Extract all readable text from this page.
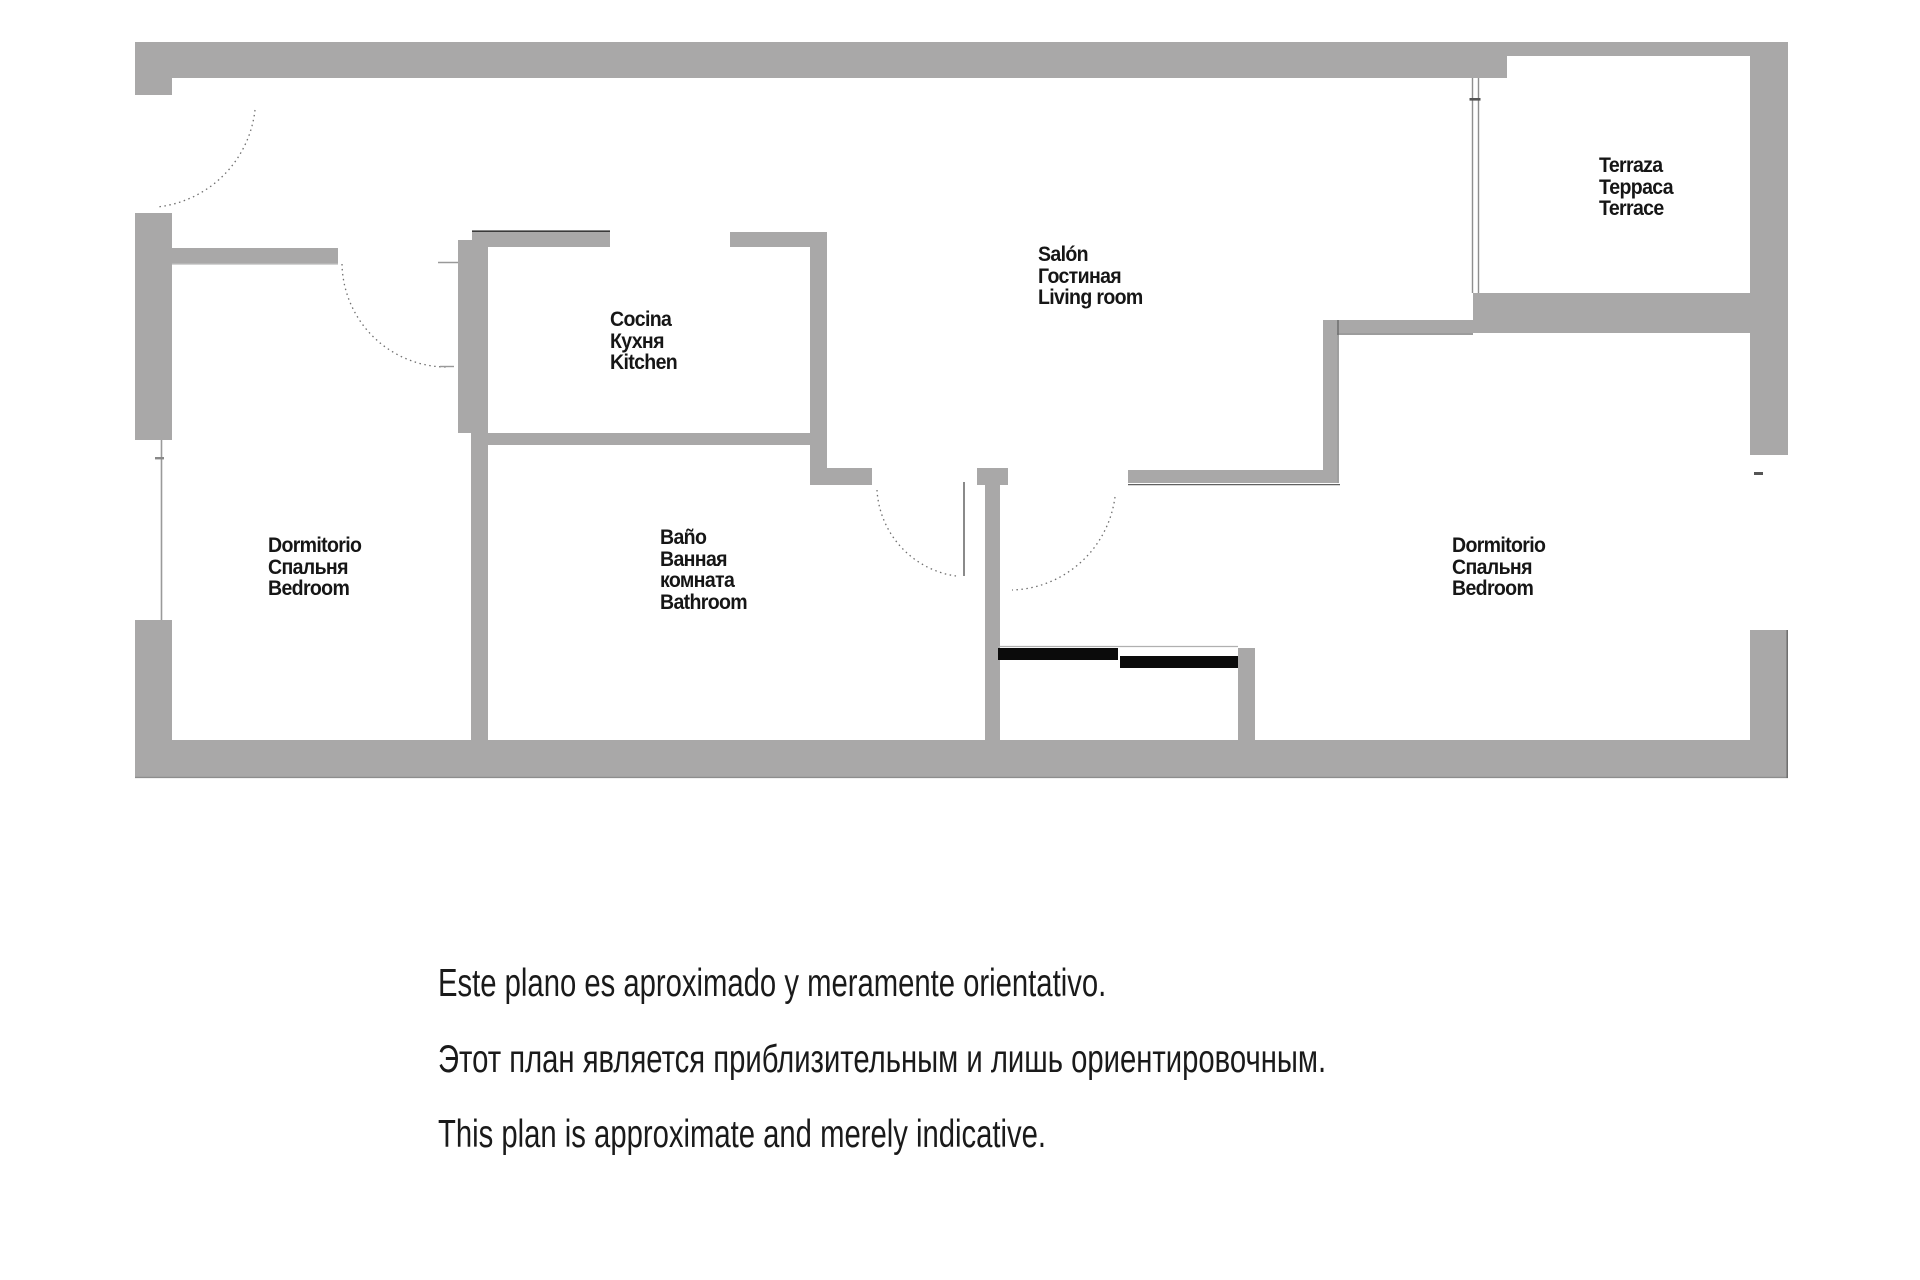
Dormitorio
Спальня
Bedroom
Cocina
Кухня
Kitchen
Baño
Ванная
комната
Bathroom
Salón
Гостиная
Living room
Terraza
Терраса
Terrace
Dormitorio
Спальня
Bedroom
Este plano es aproximado y meramente orientativo.
Этот план является приблизительным и лишь ориентировочным.
This plan is approximate and merely indicative.
